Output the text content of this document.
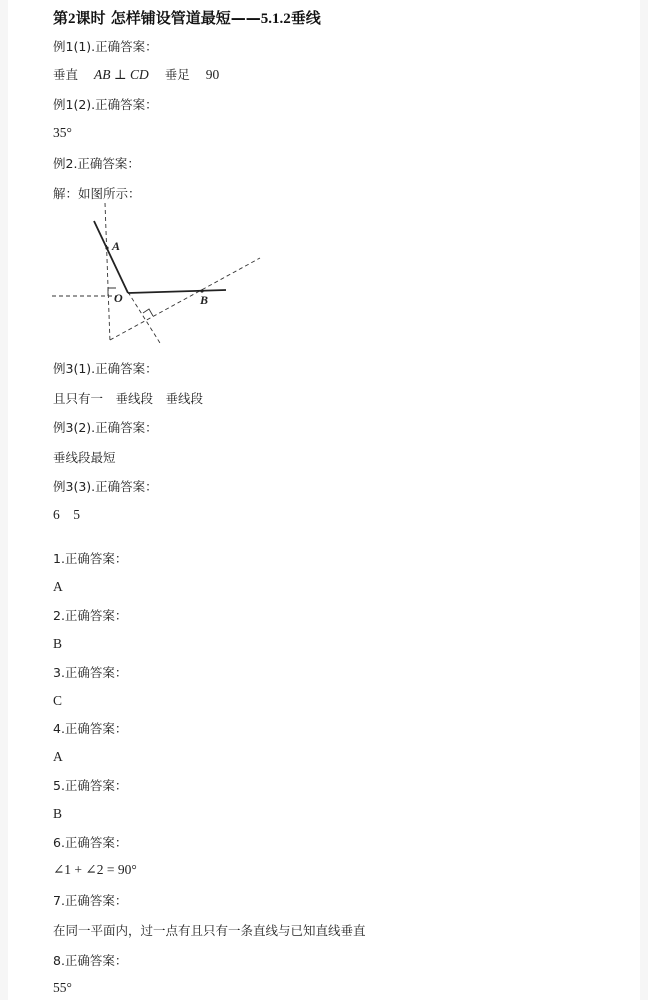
第2课时 怎样铺设管道最短——5.1.2垂线
例1(1).正确答案：
垂直 AB ⊥ CD 垂足 90
例1(2).正确答案：
35°
例2.正确答案：
解：如图所示：
A
O	B
例3(1).正确答案：
且只有一　垂线段　垂线段
例3(2).正确答案：
垂线段最短
例3(3).正确答案：
6　5
1.正确答案：
A
2.正确答案：
B
3.正确答案：
C
4.正确答案：
A
5.正确答案：
B
6.正确答案：
∠1 + ∠2 = 90°
7.正确答案：
在同一平面内，过一点有且只有一条直线与已知直线垂直
8.正确答案：
55°
